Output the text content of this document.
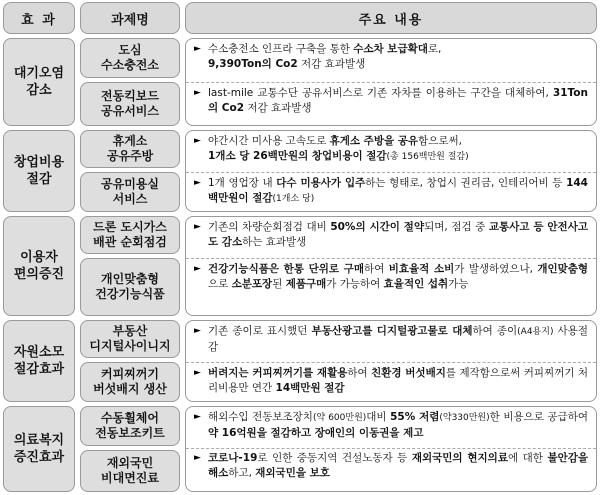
효 과	과제명	주요 내용
대기오염
감소
도심
수소충전소
전동킥보드
공유서비스
► 수소충전소 인프라 구축을 통한 수소차 보급확대로,
9,390Ton의 Co2 저감 효과발생
► last-mile 교통수단 공유서비스로 기존 자차를 이용하는 구간을 대체하여, 31Ton의 Co2 저감 효과발생
창업비용
절감
휴게소
공유주방
공유미용실
서비스
► 야간시간 미사용 고속도로 휴게소 주방을 공유함으로써,
1개소 당 26백만원의 창업비용이 절감(총 156백만원 절감)
► 1개 영업장 내 다수 미용사가 입주하는 형태로, 창업시 권리금, 인테리어비 등 144백만원이 절감(1개소 당)
이용자
편의증진
드론 도시가스
배관 순회점검
개인맞춤형
건강기능식품
► 기존의 차량순회점검 대비 50%의 시간이 절약되며, 점검 중 교통사고 등 안전사고도 감소하는 효과발생
► 건강기능식품은 한통 단위로 구매하여 비효율적 소비가 발생하였으나, 개인맞춤형으로 소분포장된 제품구매가 가능하여 효율적인 섭취가능
자원소모
절감효과
부동산
디지털사이니지
커피찌꺼기
버섯배지 생산
► 기존 종이로 표시했던 부동산광고를 디지털광고물로 대체하여 종이(A4용지) 사용절감
► 버려지는 커피찌꺼기를 재활용하여 친환경 버섯배지를 제작함으로써 커피찌꺼기 처리비용만 연간 14백만원 절감
의료복지
증진효과
수동휠체어
전동보조키트
재외국민
비대면진료
► 해외수입 전동보조장치(약 600만원)대비 55% 저렴(약330만원)한 비용으로 공급하여 약 16억원을 절감하고 장애인의 이동권을 제고
► 코로나-19로 인한 중동지역 건설노동자 등 재외국민의 현지의료에 대한 불안감을 해소하고, 재외국민을 보호
